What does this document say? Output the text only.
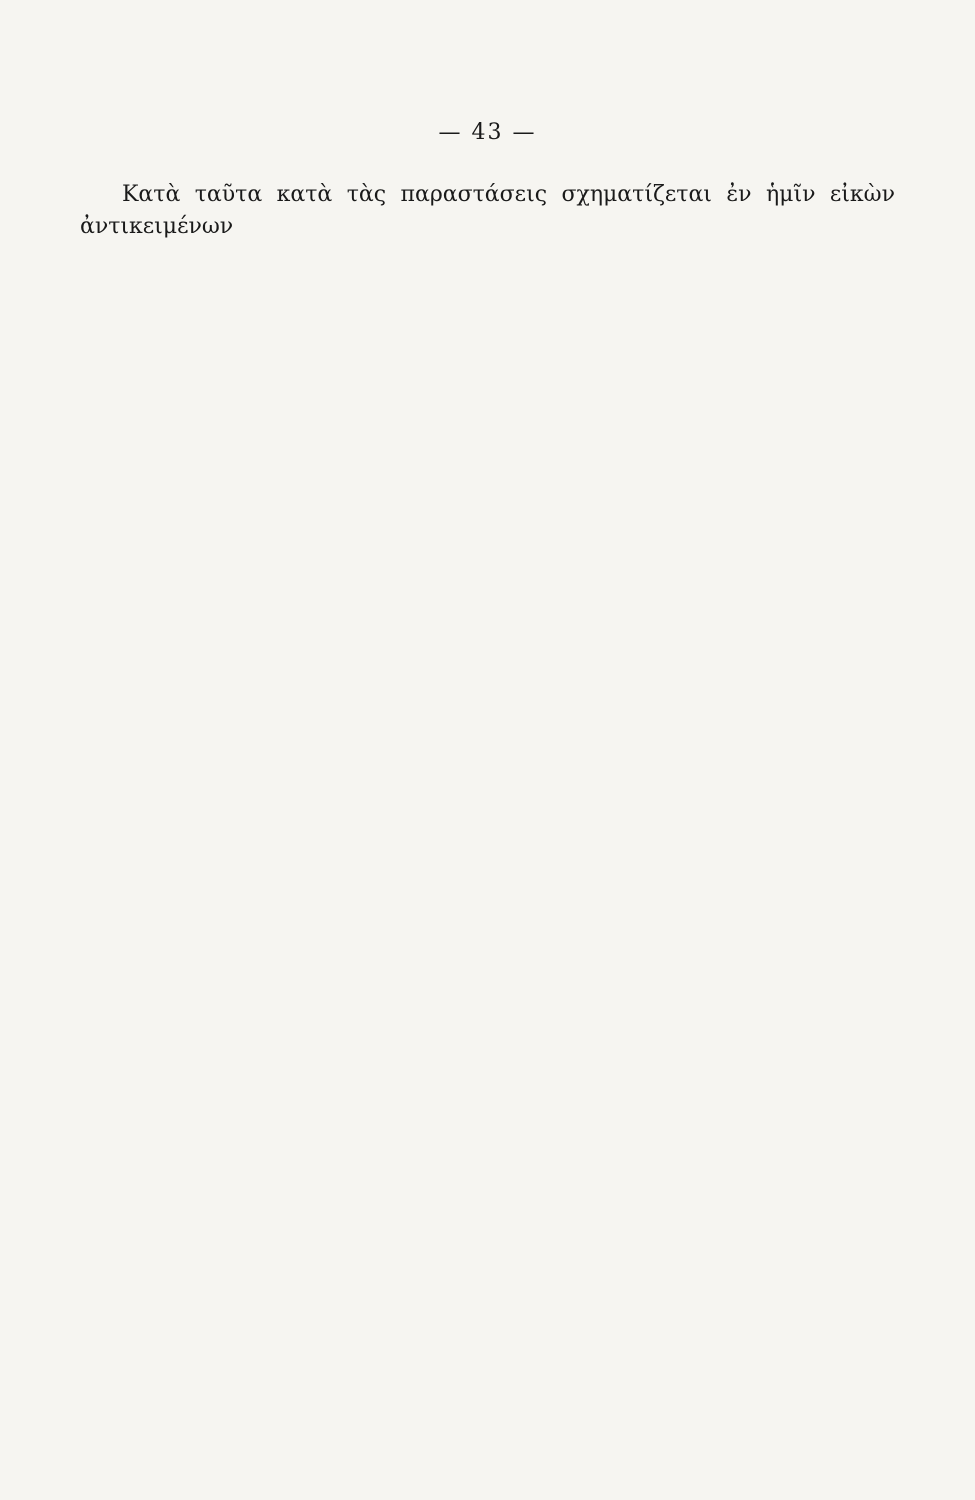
— 43 —

Κατὰ ταῦτα κατὰ τὰς παραστάσεις σχηματίζεται ἐν ἡμῖν εἰκὼν ἀντικειμένων
